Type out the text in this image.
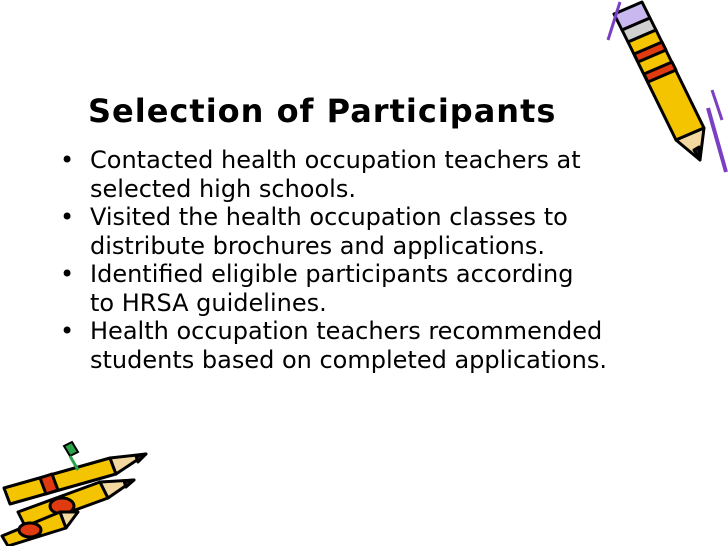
Selection of Participants
• Contacted health occupation teachers at
selected high schools.
• Visited the health occupation classes to
distribute brochures and applications.
• Identified eligible participants according
to HRSA guidelines.
• Health occupation teachers recommended
students based on completed applications.
